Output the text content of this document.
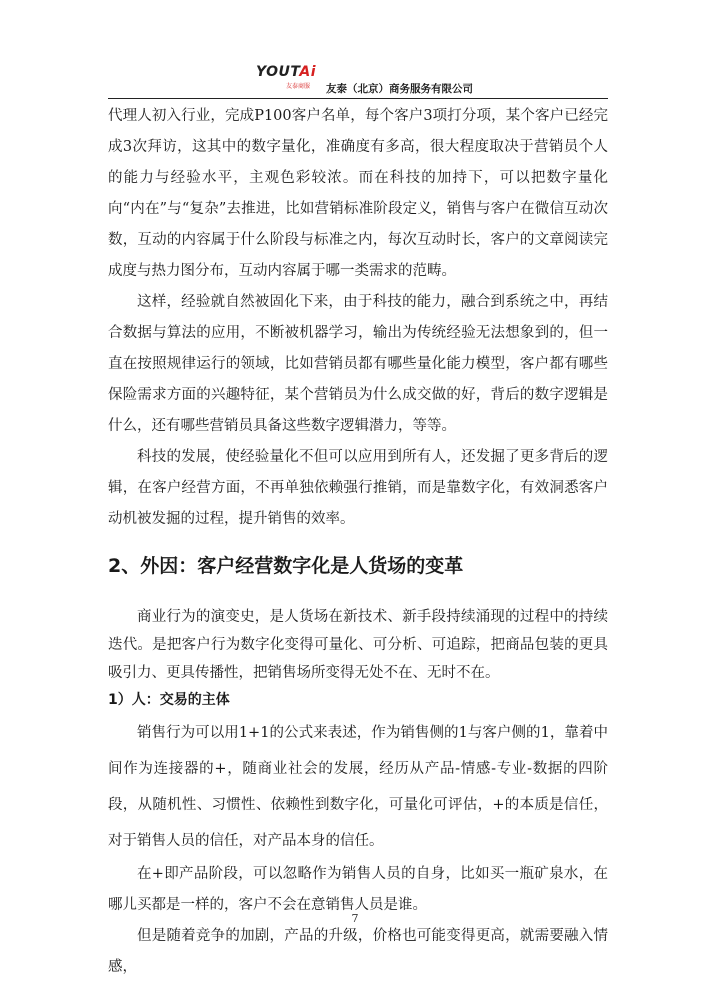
YOUTAi
友泰商服 友泰（北京）商务服务有限公司

代理人初入行业，完成P100客户名单，每个客户3项打分项，某个客户已经完成3次拜访，这其中的数字量化，准确度有多高，很大程度取决于营销员个人的能力与经验水平，主观色彩较浓。而在科技的加持下，可以把数字量化向“内在”与“复杂”去推进，比如营销标准阶段定义，销售与客户在微信互动次数，互动的内容属于什么阶段与标准之内，每次互动时长，客户的文章阅读完成度与热力图分布，互动内容属于哪一类需求的范畴。

这样，经验就自然被固化下来，由于科技的能力，融合到系统之中，再结合数据与算法的应用，不断被机器学习，输出为传统经验无法想象到的，但一直在按照规律运行的领域，比如营销员都有哪些量化能力模型，客户都有哪些保险需求方面的兴趣特征，某个营销员为什么成交做的好，背后的数字逻辑是什么，还有哪些营销员具备这些数字逻辑潜力，等等。

科技的发展，使经验量化不但可以应用到所有人，还发掘了更多背后的逻辑，在客户经营方面，不再单独依赖强行推销，而是靠数字化，有效洞悉客户动机被发掘的过程，提升销售的效率。

2、外因：客户经营数字化是人货场的变革

商业行为的演变史，是人货场在新技术、新手段持续涌现的过程中的持续迭代。是把客户行为数字化变得可量化、可分析、可追踪，把商品包装的更具吸引力、更具传播性，把销售场所变得无处不在、无时不在。

1）人：交易的主体

销售行为可以用1+1的公式来表述，作为销售侧的1与客户侧的1，靠着中间作为连接器的+，随商业社会的发展，经历从产品-情感-专业-数据的四阶段，从随机性、习惯性、依赖性到数字化，可量化可评估，+的本质是信任，对于销售人员的信任，对产品本身的信任。

在+即产品阶段，可以忽略作为销售人员的自身，比如买一瓶矿泉水，在哪儿买都是一样的，客户不会在意销售人员是谁。

但是随着竞争的加剧，产品的升级，价格也可能变得更高，就需要融入情感，

7
